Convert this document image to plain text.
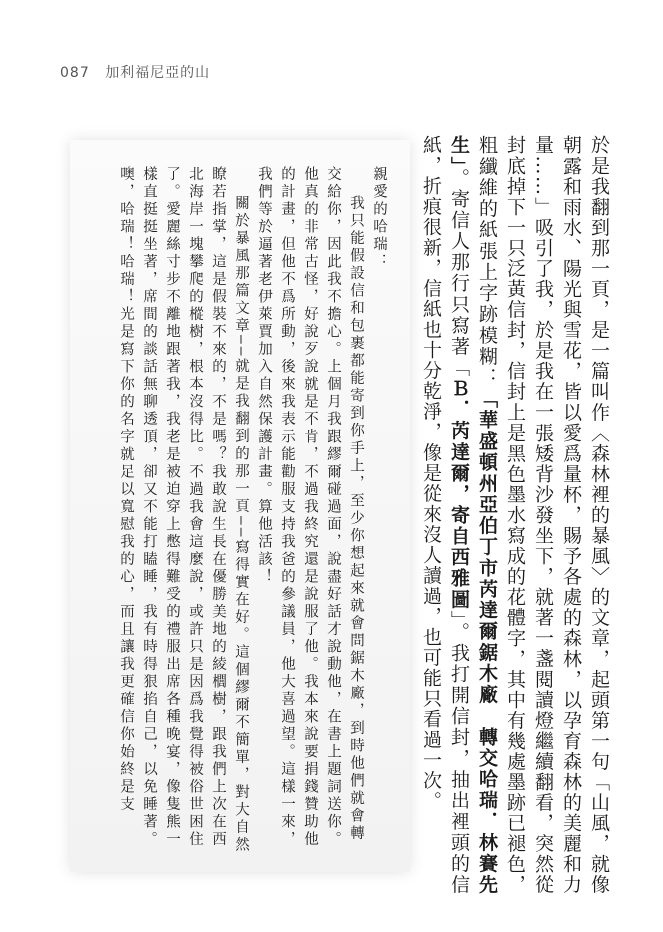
087 加利福尼亞的山

於是我翻到那一頁，是一篇叫作〈森林裡的暴風〉的文章，起頭第一句「山風，就像朝露和雨水、陽光與雪花，皆以愛爲量杯，賜予各處的森林，以孕育森林的美麗和力量……」吸引了我，於是我在一張矮背沙發坐下，就著一盞閱讀燈繼續翻看，突然從封底掉下一只泛黃信封，信封上是黑色墨水寫成的花體字，其中有幾處墨跡已褪色，粗纖維的紙張上字跡模糊：「華盛頓州亞伯丁市芮達爾鋸木廠　轉交哈瑞．林賽先生」。寄信人那行只寫著「Ｂ．芮達爾，寄自西雅圖」。我打開信封，抽出裡頭的信紙，折痕很新，信紙也十分乾淨，像是從來沒人讀過，也可能只看過一次。

親愛的哈瑞：

我只能假設信和包裹都能寄到你手上，至少你想起來就會問鋸木廠，到時他們就會轉交給你，因此我不擔心。上個月我跟繆爾碰過面，說盡好話才說動他，在書上題詞送你。他真的非常古怪，好說歹說就是不肯，不過我終究還是說服了他。我本來說要捐錢贊助他的計畫，但他不爲所動，後來我表示能勸服支持我爸的參議員，他大喜過望。這樣一來，我們等於逼著老伊萊賈加入自然保護計畫。算他活該！

關於暴風那篇文章——就是我翻到的那一頁——寫得實在好。這個繆爾不簡單，對大自然瞭若指掌，這是假裝不來的，不是嗎？我敢說生長在優勝美地的綾櫚樹，跟我們上次在西北海岸一塊攀爬的樅樹，根本沒得比。不過我會這麼說，或許只是因爲我覺得被俗世困住了。愛麗絲寸步不離地跟著我，我老是被迫穿上憋得難受的禮服出席各種晚宴，像隻熊一樣直挺挺坐著，席間的談話無聊透頂，卻又不能打瞌睡，我有時得狠掐自己，以免睡著。噢，哈瑞！哈瑞！光是寫下你的名字就足以寬慰我的心，而且讓我更確信你始終是支
